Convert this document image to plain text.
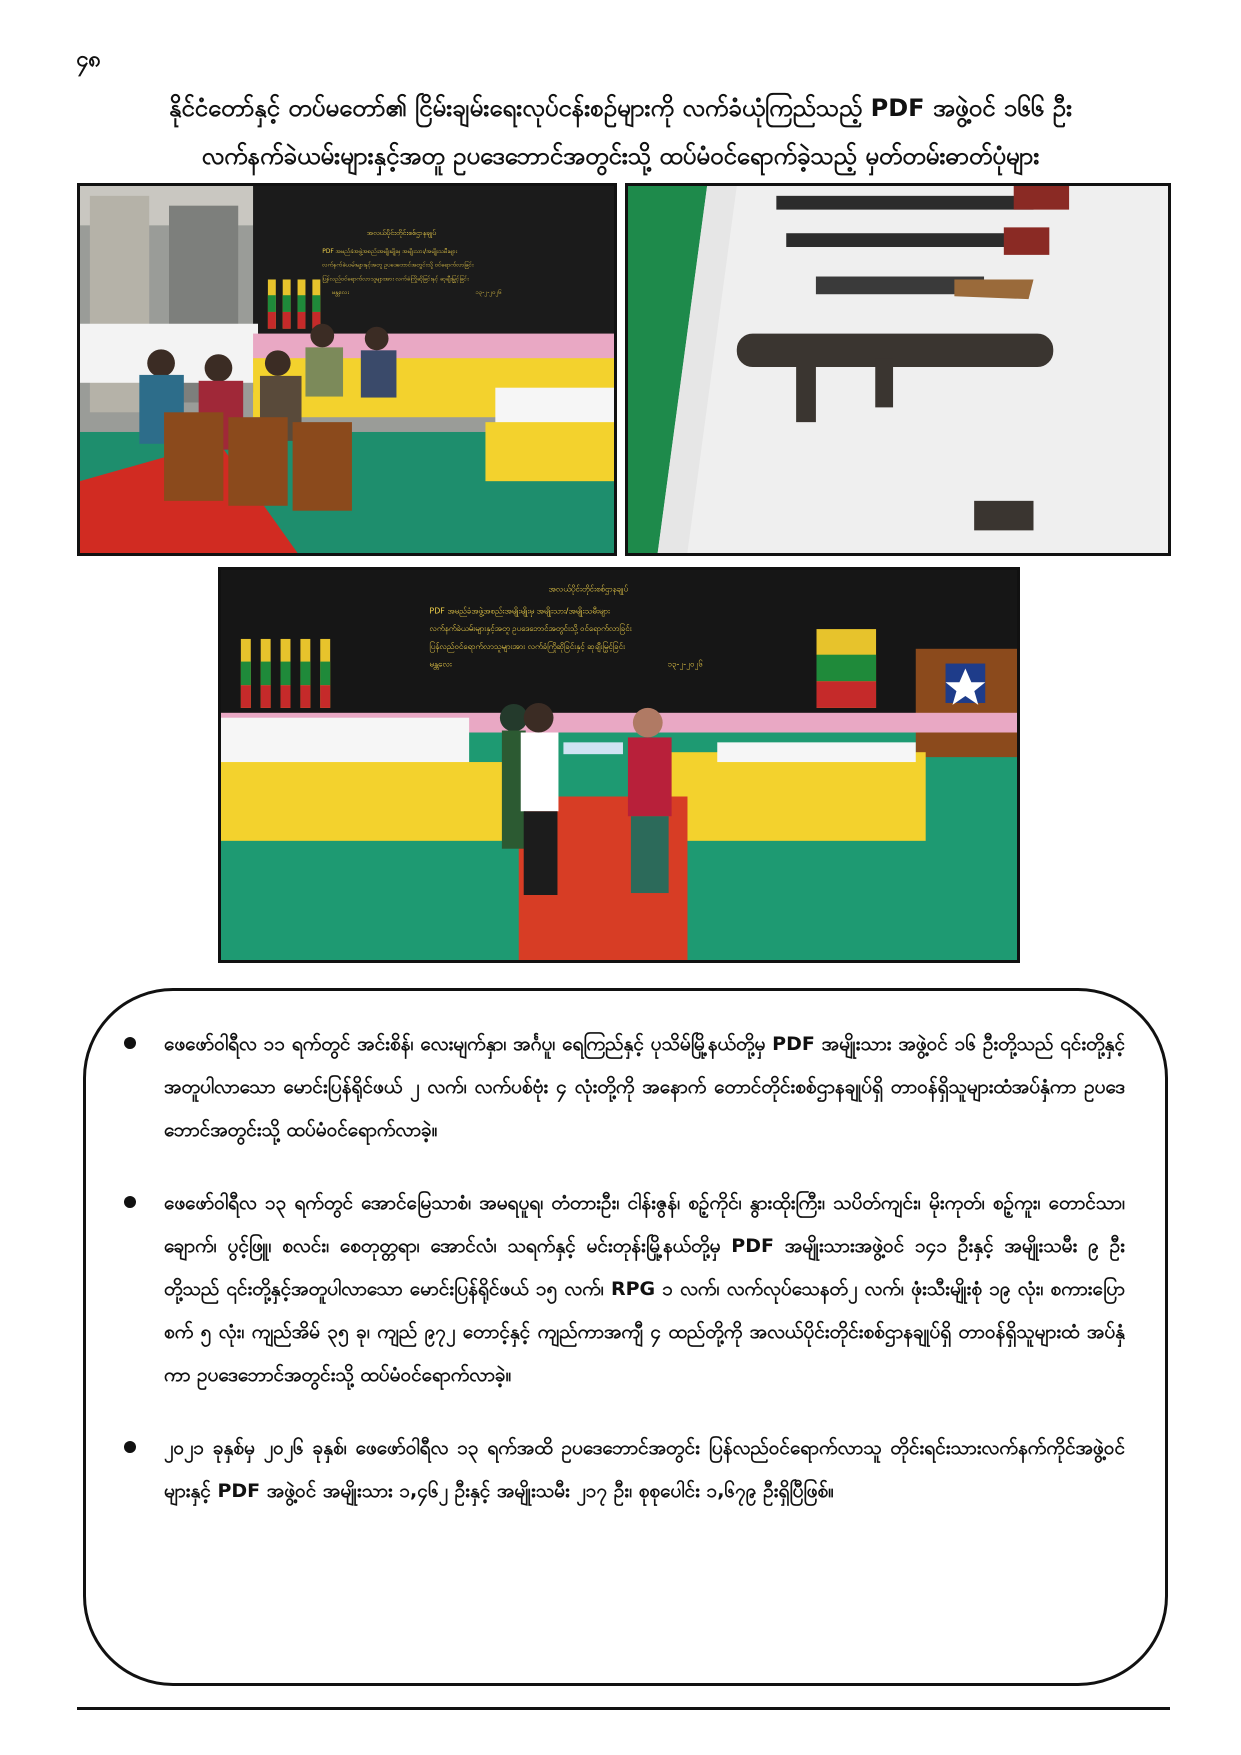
၄၈
နိုင်ငံတော်နှင့် တပ်မတော်၏ ငြိမ်းချမ်းရေးလုပ်ငန်းစဉ်များကို လက်ခံယုံကြည်သည့် PDF အဖွဲ့ဝင် ၁၆၆ ဦး
လက်နက်ခဲယမ်းများနှင့်အတူ ဥပဒေဘောင်အတွင်းသို့ ထပ်မံဝင်ရောက်ခဲ့သည့် မှတ်တမ်းဓာတ်ပုံများ
အလယ်ပိုင်းတိုင်းစစ်ဌာနချုပ်
PDF အမည်ခံအဖွဲ့အစည်းအမျိုးမျိုးမှ အမျိုးသား/အမျိုးသမီးများ
လက်နက်ခဲယမ်းများနှင့်အတူ ဥပဒေဘောင်အတွင်းသို့ ဝင်ရောက်လာခြင်း
ပြန်လည်ဝင်ရောက်လာသူများအား လက်ခံကြိုဆိုခြင်းနှင့် ဆုချီးမြှင့်ခြင်း
မန္တလေး	၁၃-၂-၂၀၂၆
အလယ်ပိုင်းတိုင်းစစ်ဌာနချုပ်
PDF အမည်ခံအဖွဲ့အစည်းအမျိုးမျိုးမှ အမျိုးသား/အမျိုးသမီးများ
လက်နက်ခဲယမ်းများနှင့်အတူ ဥပဒေဘောင်အတွင်းသို့ ဝင်ရောက်လာခြင်း
ပြန်လည်ဝင်ရောက်လာသူများအား လက်ခံကြိုဆိုခြင်းနှင့် ဆုချီးမြှင့်ခြင်း
မန္တလေး	၁၃-၂-၂၀၂၆
ဖေဖော်ဝါရီလ ၁၁ ရက်တွင် အင်းစိန်၊ လေးမျက်နှာ၊ အင်္ဂပူ၊ ရေကြည်နှင့် ပုသိမ်မြို့နယ်တို့မှ PDF အမျိုးသား အဖွဲ့ဝင် ၁၆ ဦးတို့သည် ၎င်းတို့နှင့်အတူပါလာသော မောင်းပြန်ရိုင်ဖယ် ၂ လက်၊ လက်ပစ်ဗုံး ၄ လုံးတို့ကို အနောက် တောင်တိုင်းစစ်ဌာနချုပ်ရှိ တာဝန်ရှိသူများထံအပ်နှံကာ ဥပဒေဘောင်အတွင်းသို့ ထပ်မံဝင်ရောက်လာခဲ့။
ဖေဖော်ဝါရီလ ၁၃ ရက်တွင် အောင်မြေသာစံ၊ အမရပူရ၊ တံတားဦး၊ ငါန်းဇွန်၊ စဉ့်ကိုင်၊ နွားထိုးကြီး၊ သပိတ်ကျင်း၊ မိုးကုတ်၊ စဉ့်ကူး၊ တောင်သာ၊ ချောက်၊ ပွင့်ဖြူ၊ စလင်း၊ စေတုတ္တရာ၊ အောင်လံ၊ သရက်နှင့် မင်းတုန်းမြို့နယ်တို့မှ PDF အမျိုးသားအဖွဲ့ဝင် ၁၄၁ ဦးနှင့် အမျိုးသမီး ၉ ဦးတို့သည် ၎င်းတို့နှင့်အတူပါလာသော မောင်းပြန်ရိုင်ဖယ် ၁၅ လက်၊ RPG ၁ လက်၊ လက်လုပ်သေနတ်၂ လက်၊ ဖုံးသီးမျိုးစုံ ၁၉ လုံး၊ စကားပြောစက် ၅ လုံး၊ ကျည်အိမ် ၃၅ ခု၊ ကျည် ၉၇၂ တောင့်နှင့် ကျည်ကာအကျီ ၄ ထည်တို့ကို အလယ်ပိုင်းတိုင်းစစ်ဌာနချုပ်ရှိ တာဝန်ရှိသူများထံ အပ်နှံကာ ဥပဒေဘောင်အတွင်းသို့ ထပ်မံဝင်ရောက်လာခဲ့။
၂၀၂၁ ခုနှစ်မှ ၂၀၂၆ ခုနှစ်၊ ဖေဖော်ဝါရီလ ၁၃ ရက်အထိ ဥပဒေဘောင်အတွင်း ပြန်လည်ဝင်ရောက်လာသူ တိုင်းရင်းသားလက်နက်ကိုင်အဖွဲ့ဝင်များနှင့် PDF အဖွဲ့ဝင် အမျိုးသား ၁,၄၆၂ ဦးနှင့် အမျိုးသမီး ၂၁၇ ဦး၊ စုစုပေါင်း ၁,၆၇၉ ဦးရှိပြီဖြစ်။
